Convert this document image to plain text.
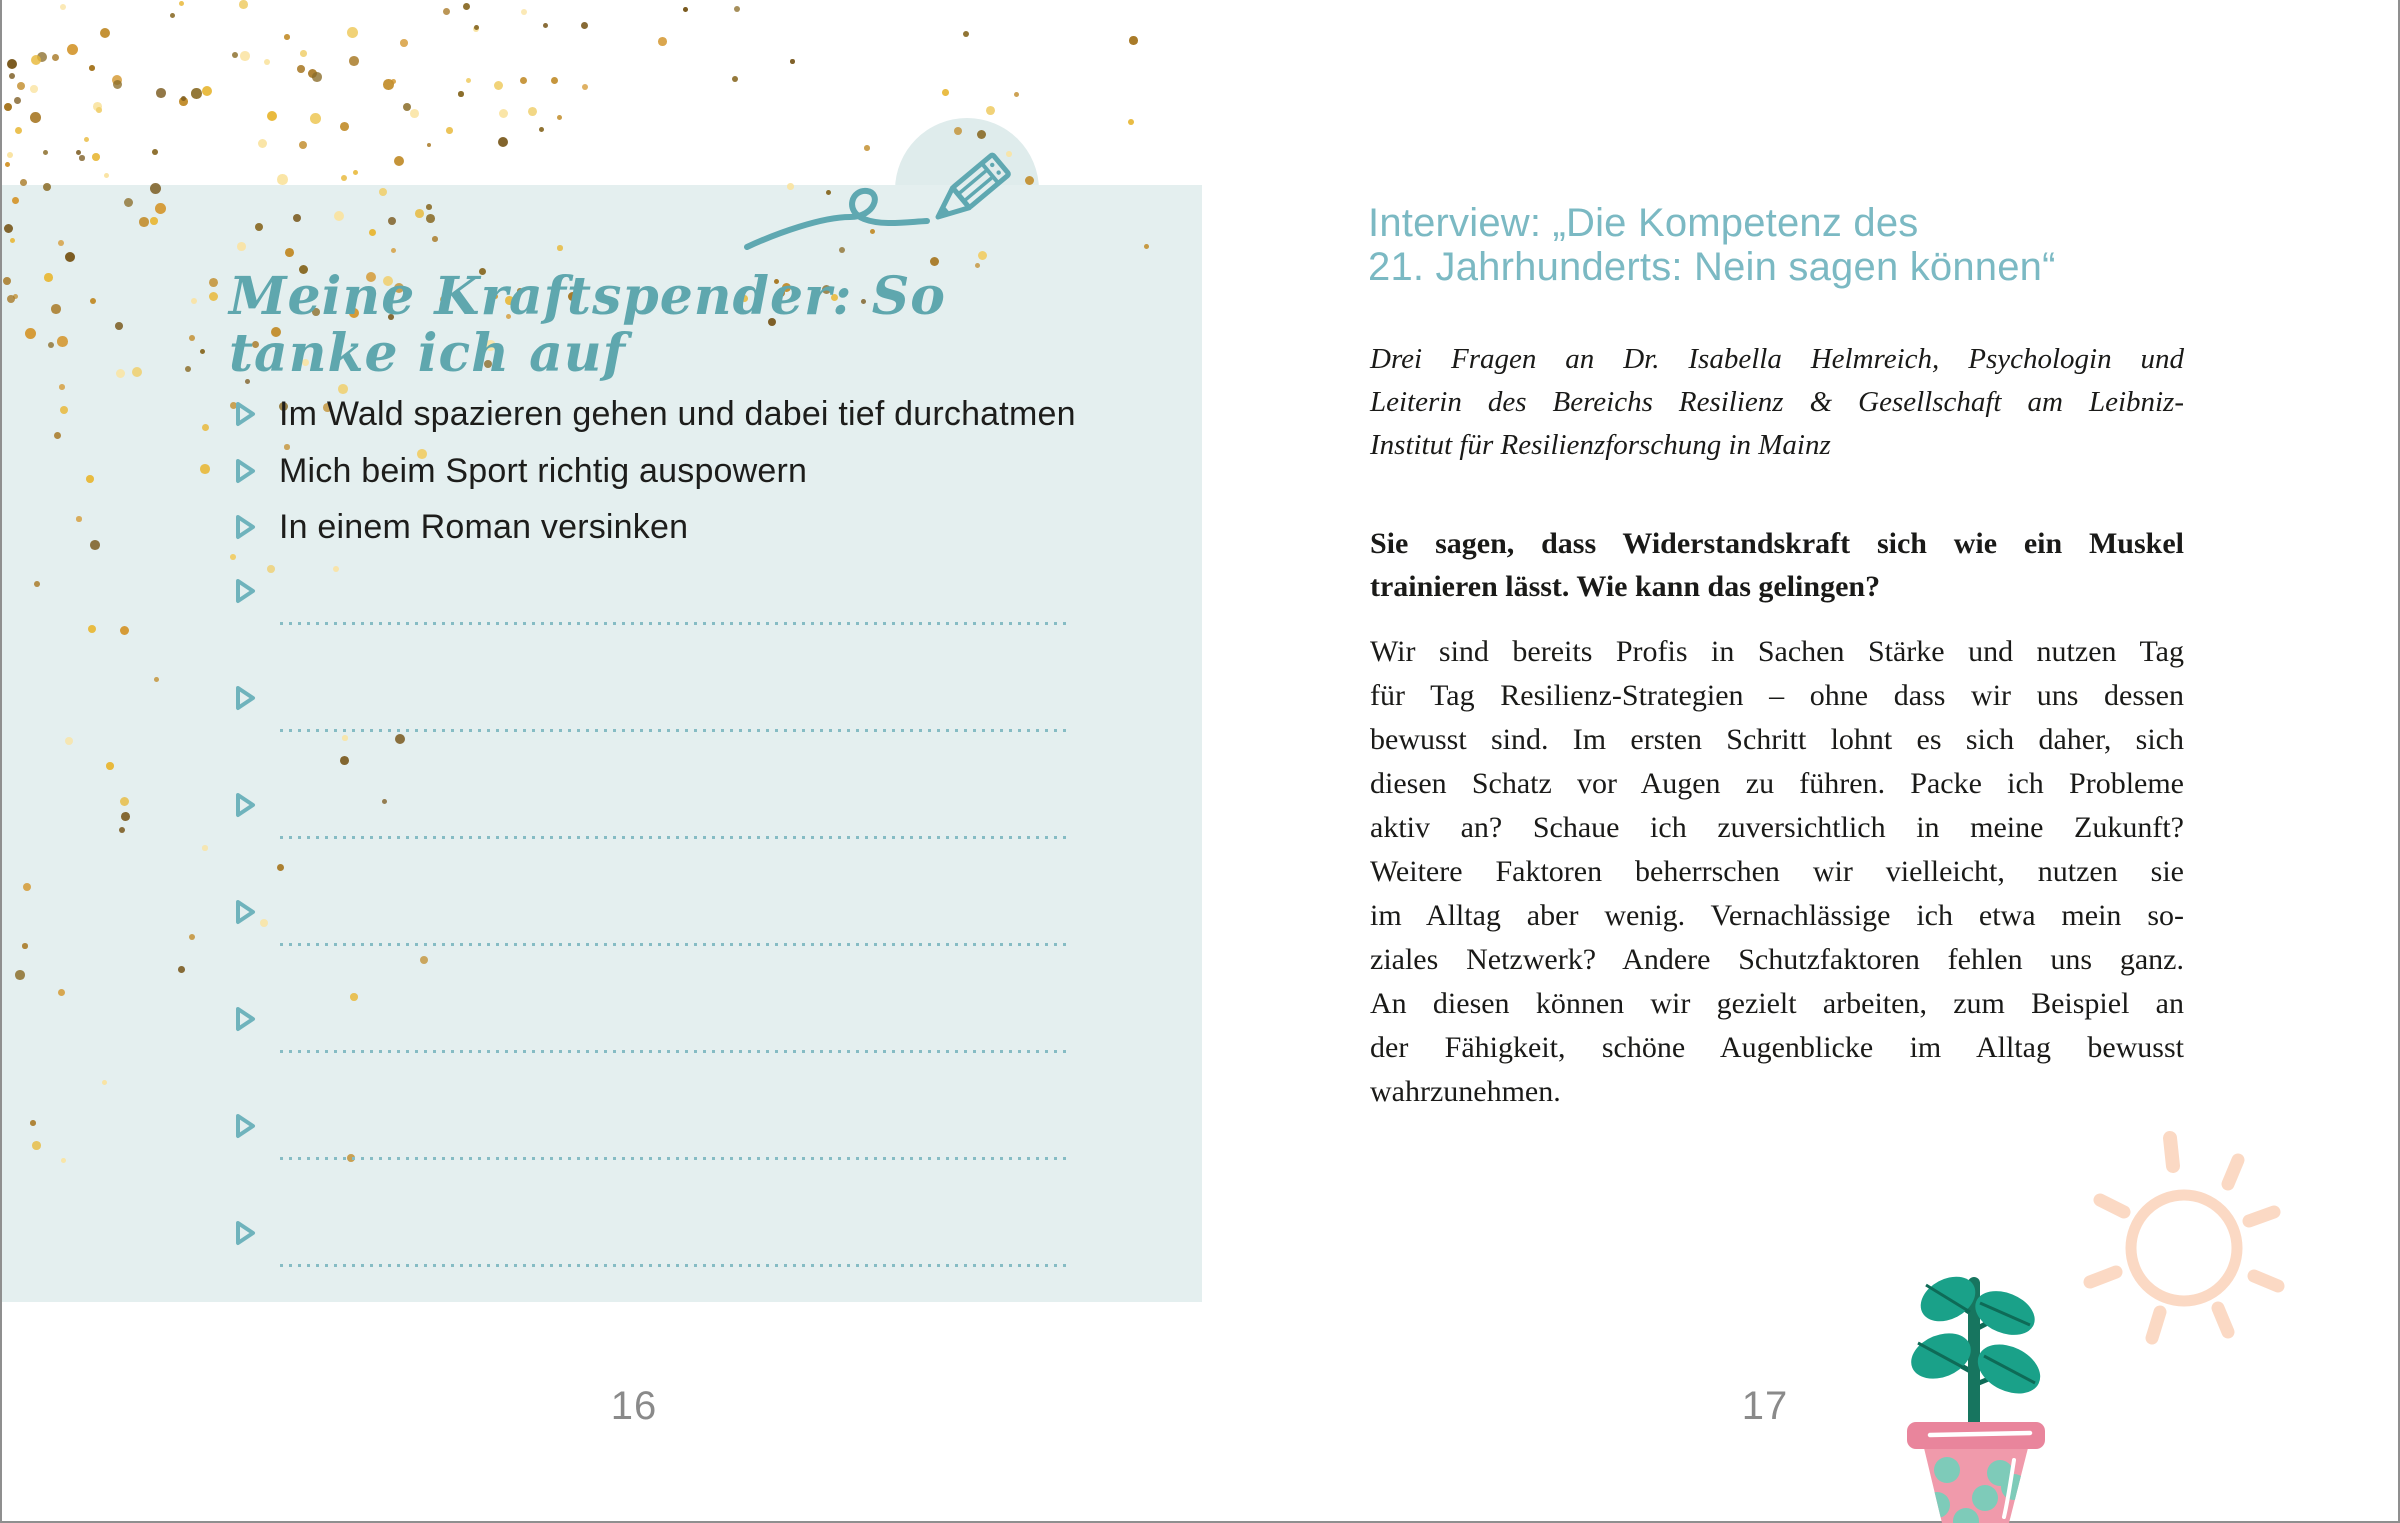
Meine Kraftspender: So tanke ich auf
Im Wald spazieren gehen und dabei tief durchatmen
Mich beim Sport richtig auspowern
In einem Roman versinken
16	17
Interview: „Die Kompetenz des
21. Jahrhunderts: Nein sagen können“
Drei Fragen an Dr. Isabella Helmreich, Psychologin und
Leiterin des Bereichs Resilienz & Gesellschaft am Leibniz-
Institut für Resilienzforschung in Mainz
Sie sagen, dass Widerstandskraft sich wie ein Muskel
trainieren lässt. Wie kann das gelingen?
Wir sind bereits Profis in Sachen Stärke und nutzen Tag
für Tag Resilienz-Strategien – ohne dass wir uns dessen
bewusst sind. Im ersten Schritt lohnt es sich daher, sich
diesen Schatz vor Augen zu führen. Packe ich Probleme
aktiv an? Schaue ich zuversichtlich in meine Zukunft?
Weitere Faktoren beherrschen wir vielleicht, nutzen sie
im Alltag aber wenig. Vernachlässige ich etwa mein so-
ziales Netzwerk? Andere Schutzfaktoren fehlen uns ganz.
An diesen können wir gezielt arbeiten, zum Beispiel an
der Fähigkeit, schöne Augenblicke im Alltag bewusst
wahrzunehmen.
